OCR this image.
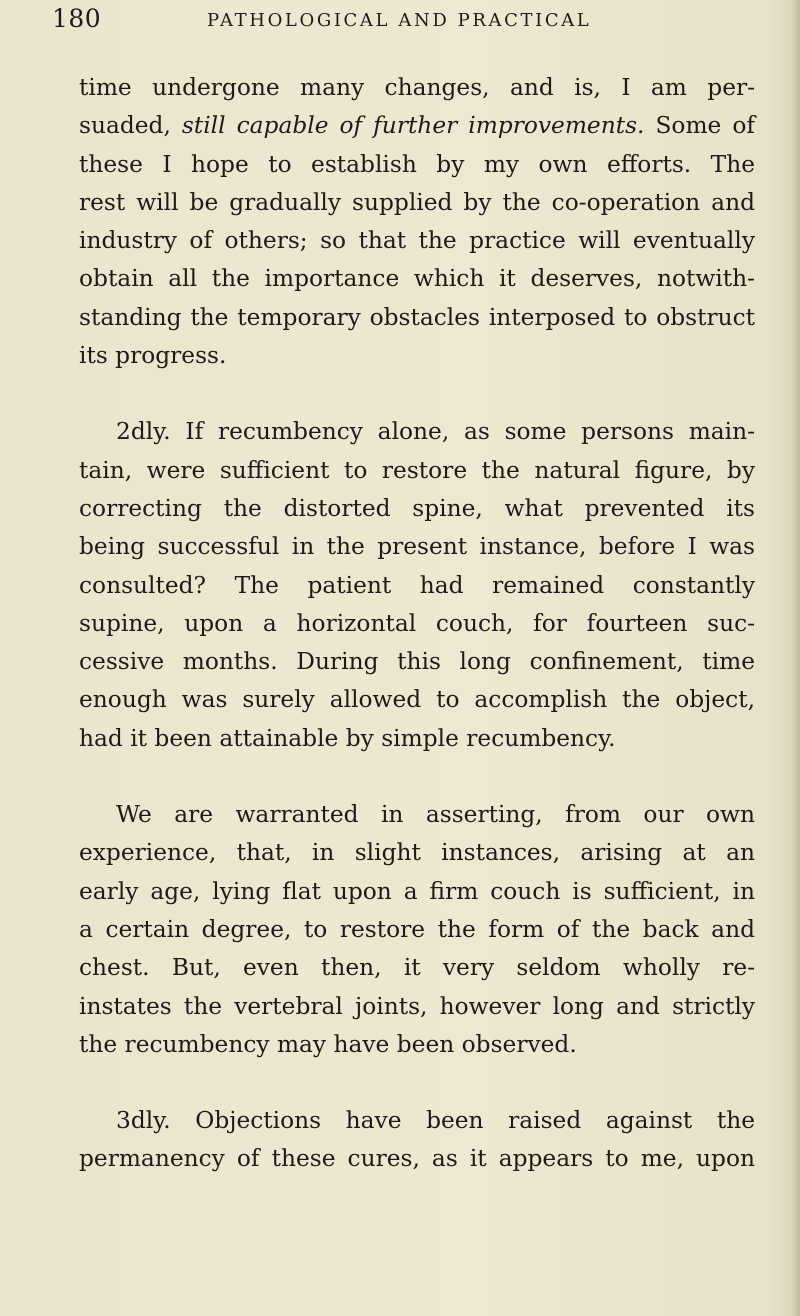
180	PATHOLOGICAL AND PRACTICAL
time undergone many changes, and is, I am per-
suaded, still capable of further improvements. Some of
these I hope to establish by my own efforts. The
rest will be gradually supplied by the co-operation and
industry of others; so that the practice will eventually
obtain all the importance which it deserves, notwith-
standing the temporary obstacles interposed to obstruct
its progress.
2dly. If recumbency alone, as some persons main-
tain, were sufficient to restore the natural figure, by
correcting the distorted spine, what prevented its
being successful in the present instance, before I was
consulted? The patient had remained constantly
supine, upon a horizontal couch, for fourteen suc-
cessive months. During this long confinement, time
enough was surely allowed to accomplish the object,
had it been attainable by simple recumbency.
We are warranted in asserting, from our own
experience, that, in slight instances, arising at an
early age, lying flat upon a firm couch is sufficient, in
a certain degree, to restore the form of the back and
chest. But, even then, it very seldom wholly re-
instates the vertebral joints, however long and strictly
the recumbency may have been observed.
3dly. Objections have been raised against the
permanency of these cures, as it appears to me, upon
